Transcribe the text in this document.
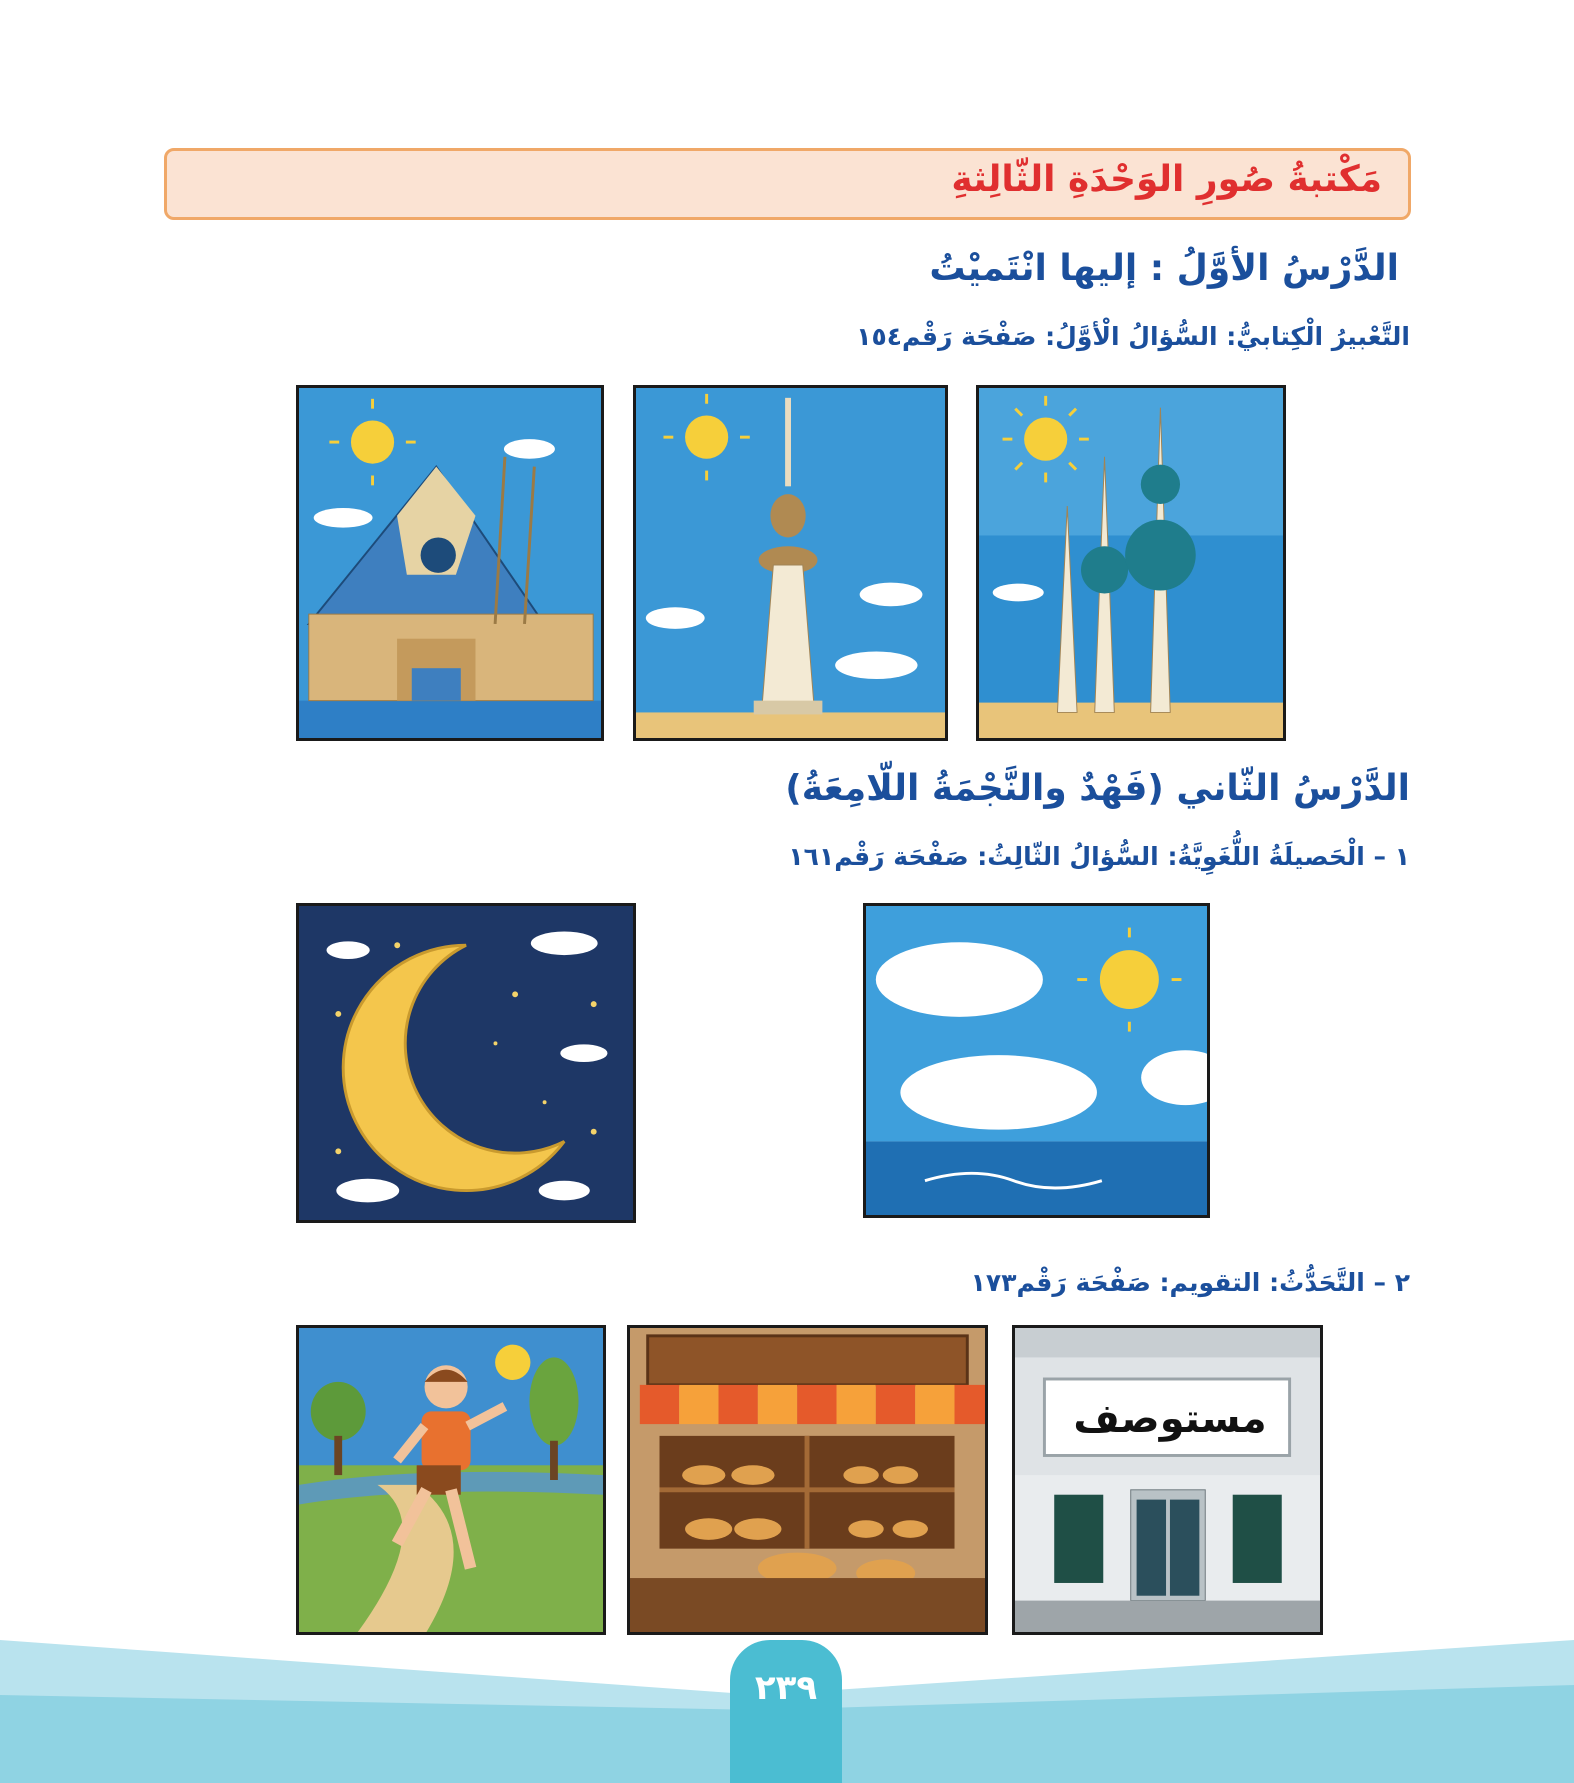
مَكْتبةُ صُورِ الوَحْدَةِ الثّالِثةِ
الدَّرْسُ الأوَّلُ : إليها انْتَميْتُ

التَّعْبيرُ الْكِتابيُّ: السُّؤالُ الْأوَّلُ: صَفْحَة رَقْم١٥٤

الدَّرْسُ الثّاني (فَهْدٌ والنَّجْمَةُ اللّامِعَةُ)

١ – الْحَصيلَةُ اللُّغَوِيَّةُ: السُّؤالُ الثّالِثُ: صَفْحَة رَقْم١٦١

٢ – التَّحَدُّثُ: التقويم: صَفْحَة رَقْم١٧٣

مستوصف
٢٣٩
